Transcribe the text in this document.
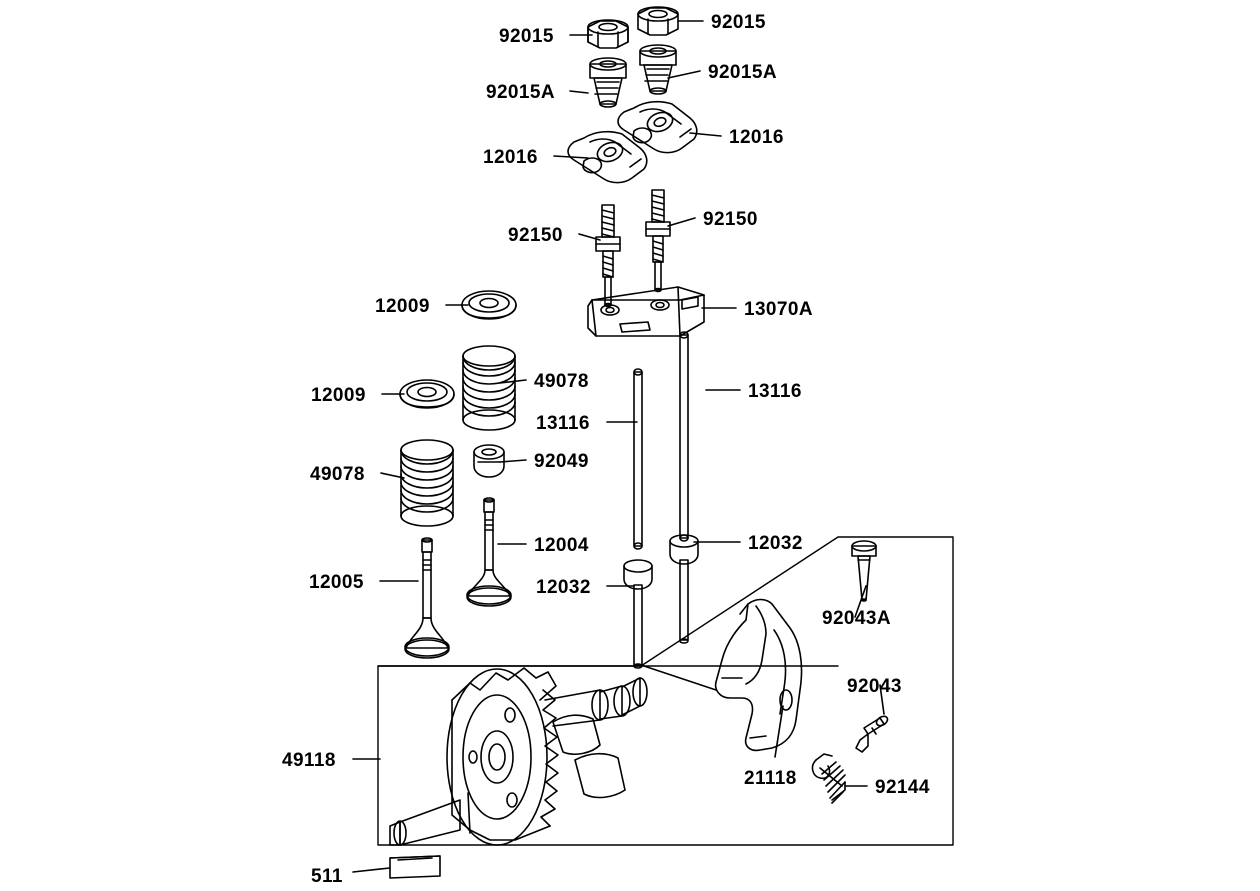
92015
92015
92015A
92015A
12016
12016
92150
92150
13070A
12009
49078	13116
12009
13116
92049
49078
12004	12032
92043A
12032
12005
92043
49118
21118	92144
511
